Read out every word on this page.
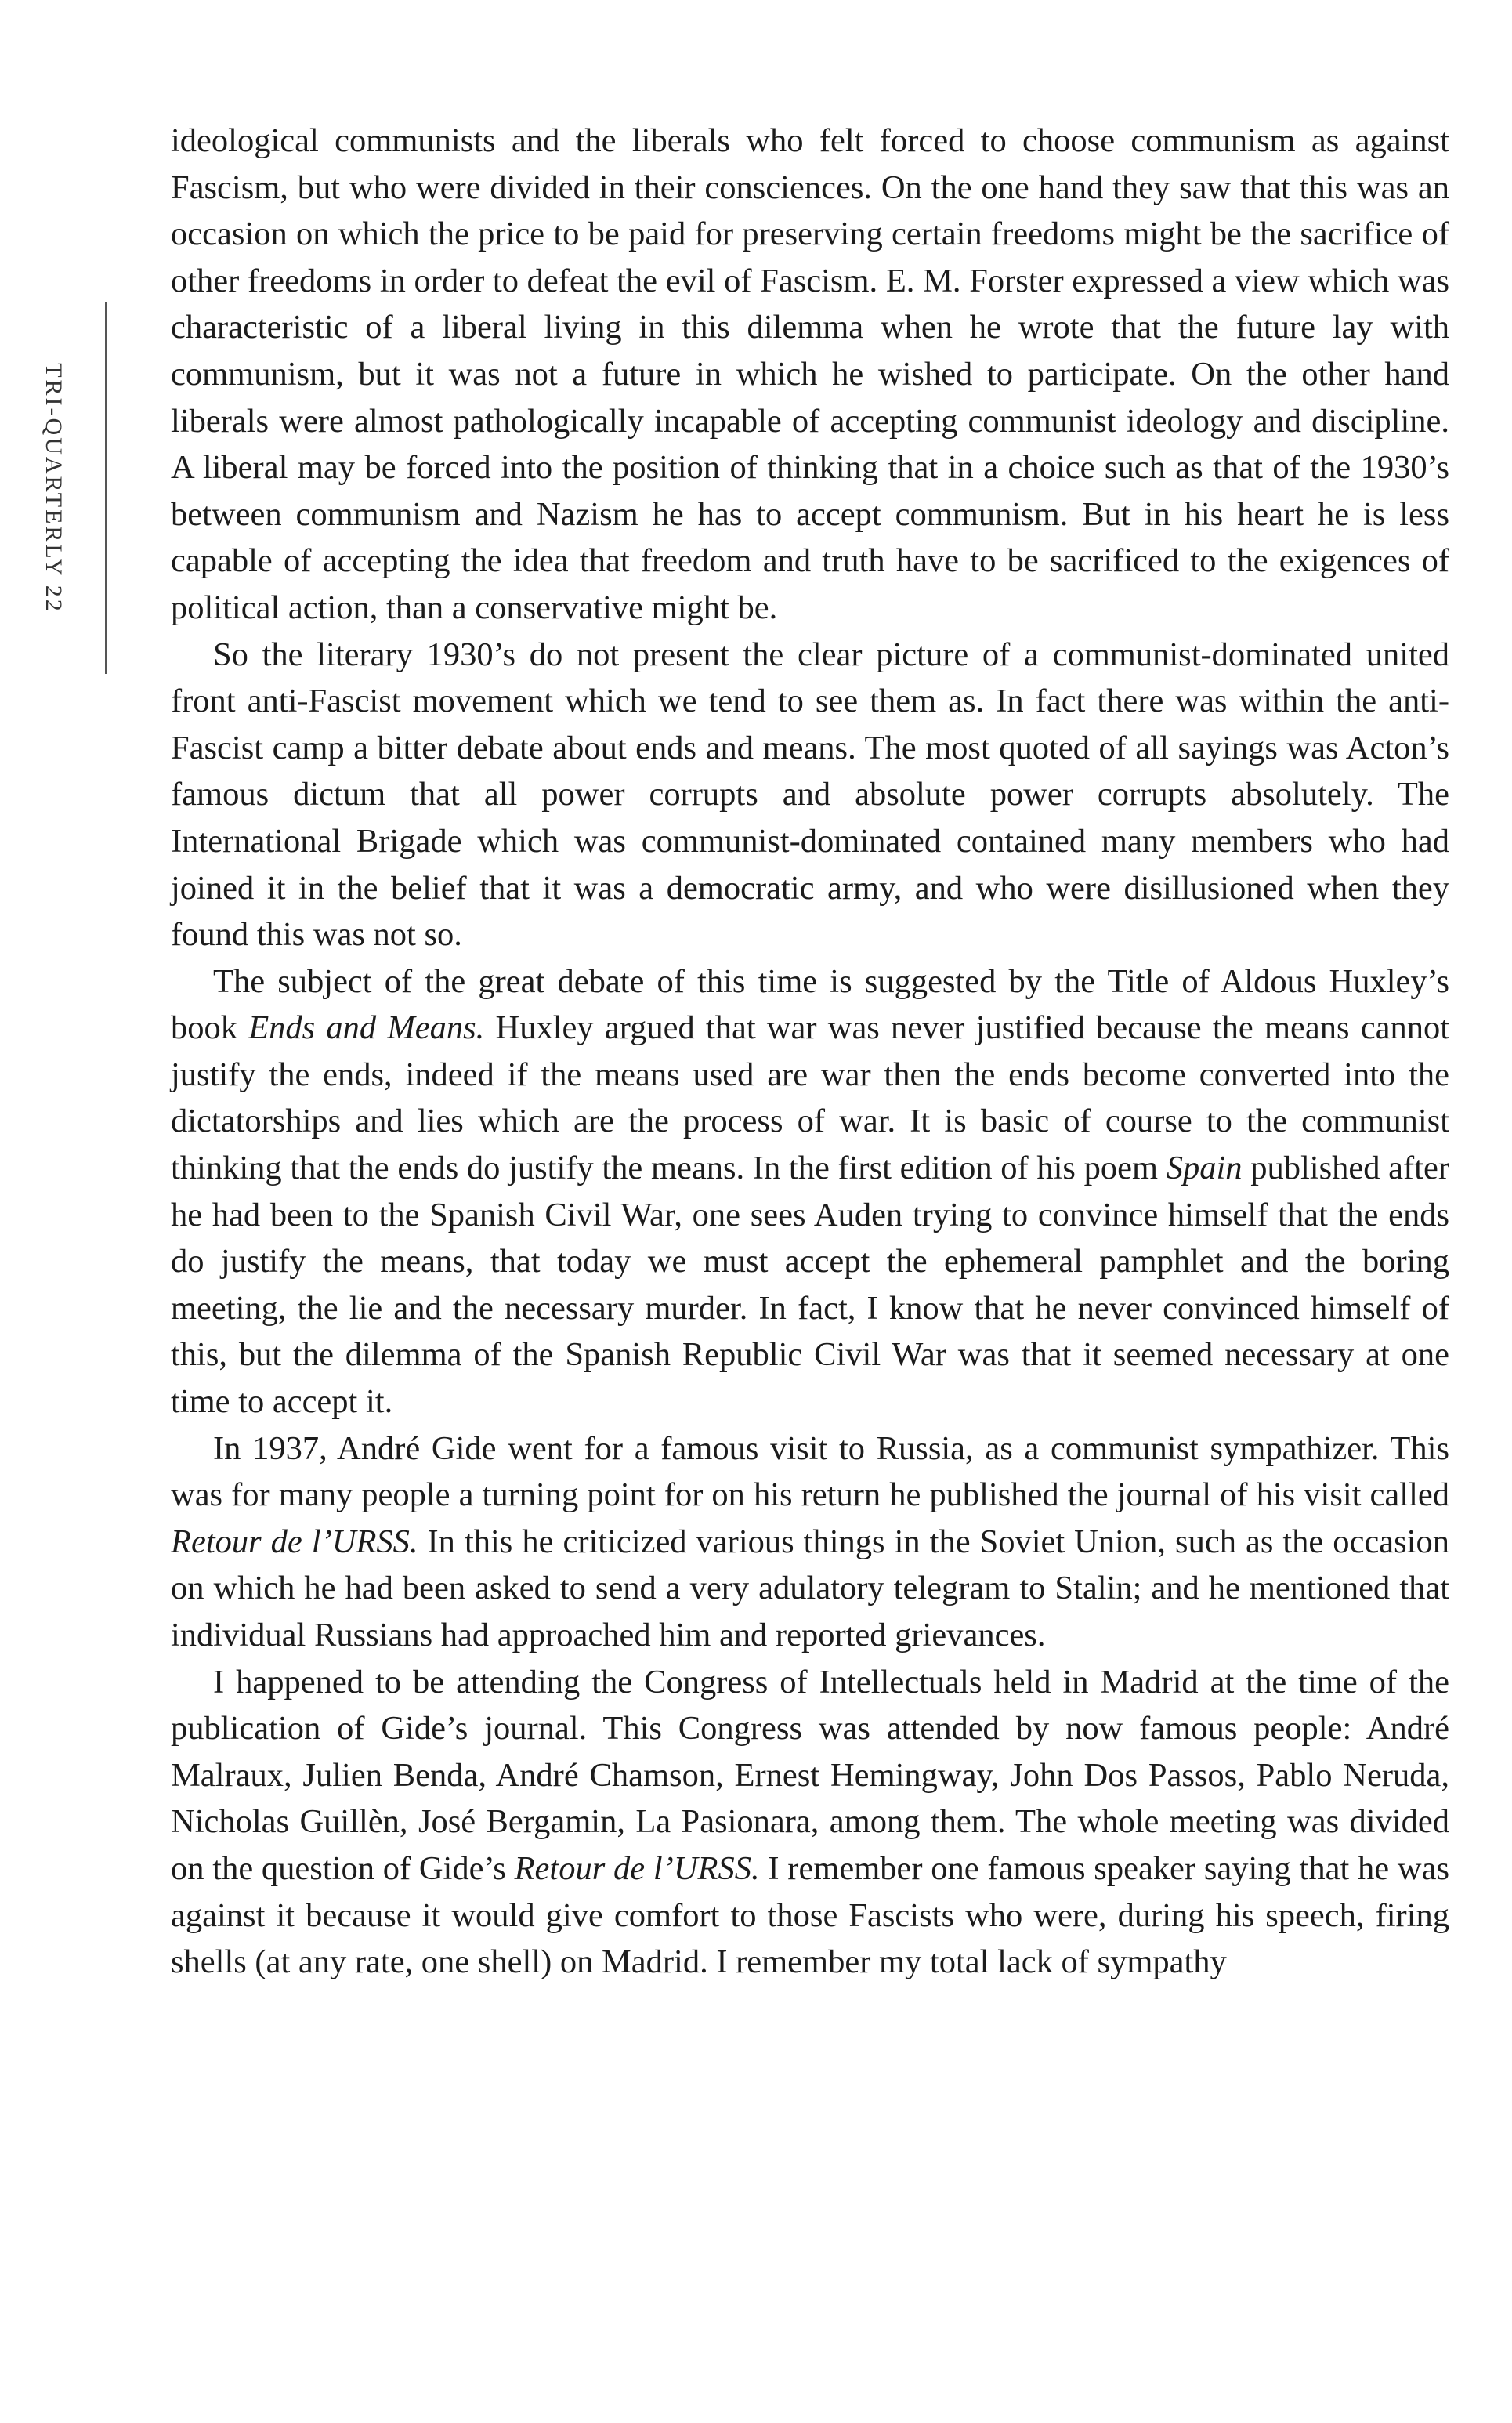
TRI-QUARTERLY 22

ideological communists and the liberals who felt forced to choose communism as against Fascism, but who were divided in their consciences. On the one hand they saw that this was an occasion on which the price to be paid for preserving certain freedoms might be the sacrifice of other freedoms in order to defeat the evil of Fascism. E. M. Forster expressed a view which was characteristic of a liberal living in this dilemma when he wrote that the future lay with communism, but it was not a future in which he wished to participate. On the other hand liberals were almost pathologically incapable of accepting communist ideology and discipline. A liberal may be forced into the position of thinking that in a choice such as that of the 1930’s between communism and Nazism he has to accept communism. But in his heart he is less capable of accepting the idea that freedom and truth have to be sacrificed to the exigences of political action, than a conservative might be.

So the literary 1930’s do not present the clear picture of a communist-dominated united front anti-Fascist movement which we tend to see them as. In fact there was within the anti-Fascist camp a bitter debate about ends and means. The most quoted of all sayings was Acton’s famous dictum that all power corrupts and absolute power corrupts absolutely. The International Brigade which was communist-dominated contained many members who had joined it in the belief that it was a democratic army, and who were disillusioned when they found this was not so.

The subject of the great debate of this time is suggested by the Title of Aldous Huxley’s book Ends and Means. Huxley argued that war was never justified because the means cannot justify the ends, indeed if the means used are war then the ends become converted into the dictatorships and lies which are the process of war. It is basic of course to the communist thinking that the ends do justify the means. In the first edition of his poem Spain published after he had been to the Spanish Civil War, one sees Auden trying to convince himself that the ends do justify the means, that today we must accept the ephemeral pamphlet and the boring meeting, the lie and the necessary murder. In fact, I know that he never convinced himself of this, but the dilemma of the Spanish Republic Civil War was that it seemed necessary at one time to accept it.

In 1937, André Gide went for a famous visit to Russia, as a communist sympathizer. This was for many people a turning point for on his return he published the journal of his visit called Retour de l’URSS. In this he criticized various things in the Soviet Union, such as the occasion on which he had been asked to send a very adulatory telegram to Stalin; and he mentioned that individual Russians had approached him and reported grievances.

I happened to be attending the Congress of Intellectuals held in Madrid at the time of the publication of Gide’s journal. This Congress was attended by now famous people: André Malraux, Julien Benda, André Chamson, Ernest Hemingway, John Dos Passos, Pablo Neruda, Nicholas Guillèn, José Bergamin, La Pasionara, among them. The whole meeting was divided on the question of Gide’s Retour de l’URSS. I remember one famous speaker saying that he was against it because it would give comfort to those Fascists who were, during his speech, firing shells (at any rate, one shell) on Madrid. I remember my total lack of sympathy
